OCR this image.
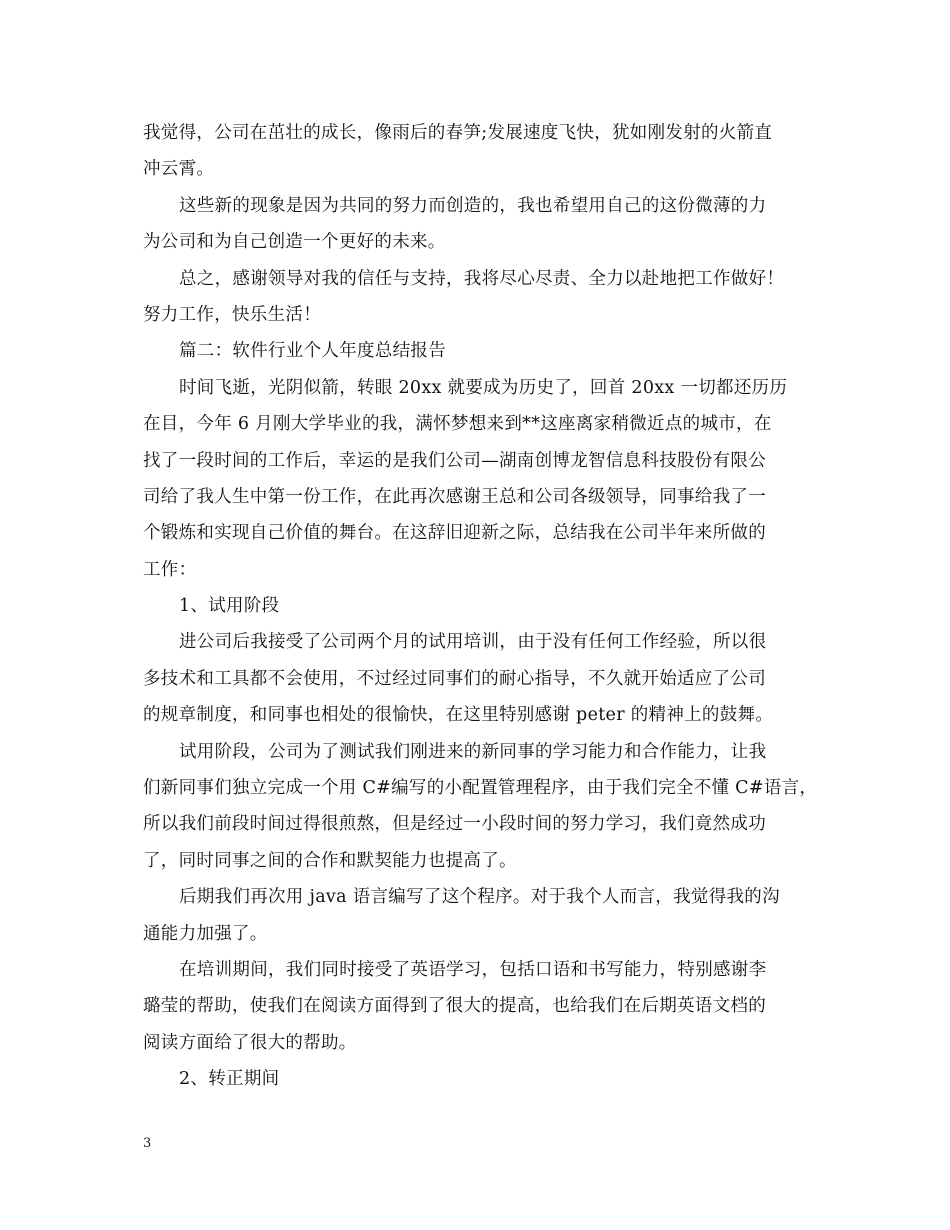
我觉得，公司在茁壮的成长，像雨后的春笋;发展速度飞快，犹如刚发射的火箭直
冲云霄。
这些新的现象是因为共同的努力而创造的，我也希望用自己的这份微薄的力
为公司和为自己创造一个更好的未来。
总之，感谢领导对我的信任与支持，我将尽心尽责、全力以赴地把工作做好！
努力工作，快乐生活！
篇二：软件行业个人年度总结报告
时间飞逝，光阴似箭，转眼 20xx 就要成为历史了，回首 20xx 一切都还历历
在目，今年 6 月刚大学毕业的我，满怀梦想来到**这座离家稍微近点的城市，在
找了一段时间的工作后，幸运的是我们公司—湖南创博龙智信息科技股份有限公
司给了我人生中第一份工作，在此再次感谢王总和公司各级领导，同事给我了一
个锻炼和实现自己价值的舞台。在这辞旧迎新之际，总结我在公司半年来所做的
工作：
1、试用阶段
进公司后我接受了公司两个月的试用培训，由于没有任何工作经验，所以很
多技术和工具都不会使用，不过经过同事们的耐心指导，不久就开始适应了公司
的规章制度，和同事也相处的很愉快，在这里特别感谢 peter 的精神上的鼓舞。
试用阶段，公司为了测试我们刚进来的新同事的学习能力和合作能力，让我
们新同事们独立完成一个用 C#编写的小配置管理程序，由于我们完全不懂 C#语言，
所以我们前段时间过得很煎熬，但是经过一小段时间的努力学习，我们竟然成功
了，同时同事之间的合作和默契能力也提高了。
后期我们再次用 java 语言编写了这个程序。对于我个人而言，我觉得我的沟
通能力加强了。
在培训期间，我们同时接受了英语学习，包括口语和书写能力，特别感谢李
璐莹的帮助，使我们在阅读方面得到了很大的提高，也给我们在后期英语文档的
阅读方面给了很大的帮助。
2、转正期间
3
